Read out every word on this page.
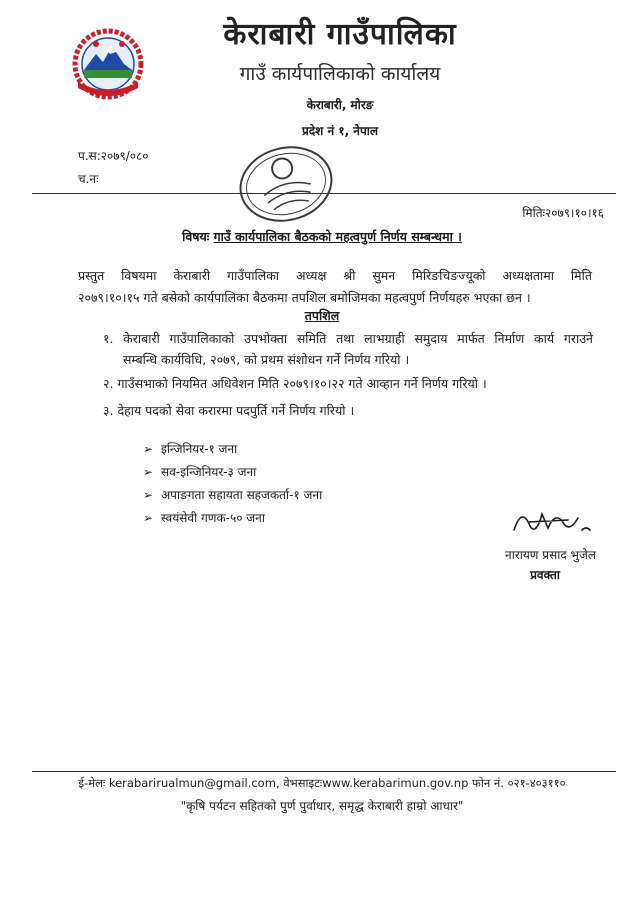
केराबारी गाउँपालिका
गाउँ कार्यपालिकाको कार्यालय
केराबारी, मोरङ
प्रदेश नं १, नेपाल
प.स:२०७९/०८०
च.नः
मितिः२०७९।१०।१६
विषयः गाउँ कार्यपालिका बैठकको महत्वपुर्ण निर्णय सम्बन्धमा ।
प्रस्तुत विषयमा केराबारी गाउँपालिका अध्यक्ष श्री सुमन मिरिङचिङज्यूको अध्यक्षतामा मिति
२०७९।१०।१५ गते बसेको कार्यपालिका बैठकमा तपशिल बमोजिमका महत्वपुर्ण निर्णयहरु भएका छन ।
तपशिल
१. केराबारी गाउँपालिकाको उपभोक्ता समिति तथा लाभग्राही समुदाय मार्फत निर्माण कार्य गराउने
सम्बन्धि कार्यविधि, २०७९, को प्रथम संशोधन गर्ने निर्णय गरियो ।
२. गाउँसभाको नियमित अधिवेशन मिति २०७९।१०।२२ गते आव्हान गर्ने निर्णय गरियो ।
३. देहाय पदको सेवा करारमा पदपुर्ति गर्ने निर्णय गरियो ।
➢ इन्जिनियर-१ जना
➢ सव-इन्जिनियर-३ जना
➢ अपाङगता सहायता सहजकर्ता-१ जना
➢ स्वयंसेवी गणक-५० जना
नारायण प्रसाद भुजेल
प्रवक्ता
ई-मेलः kerabarirualmun@gmail.com, वेभसाइटःwww.kerabarimun.gov.np फोन नं. ०२१-४०३११०
"कृषि पर्यटन सहितको पुर्ण पुर्वाधार, समृद्ध केराबारी हाम्रो आधार"
